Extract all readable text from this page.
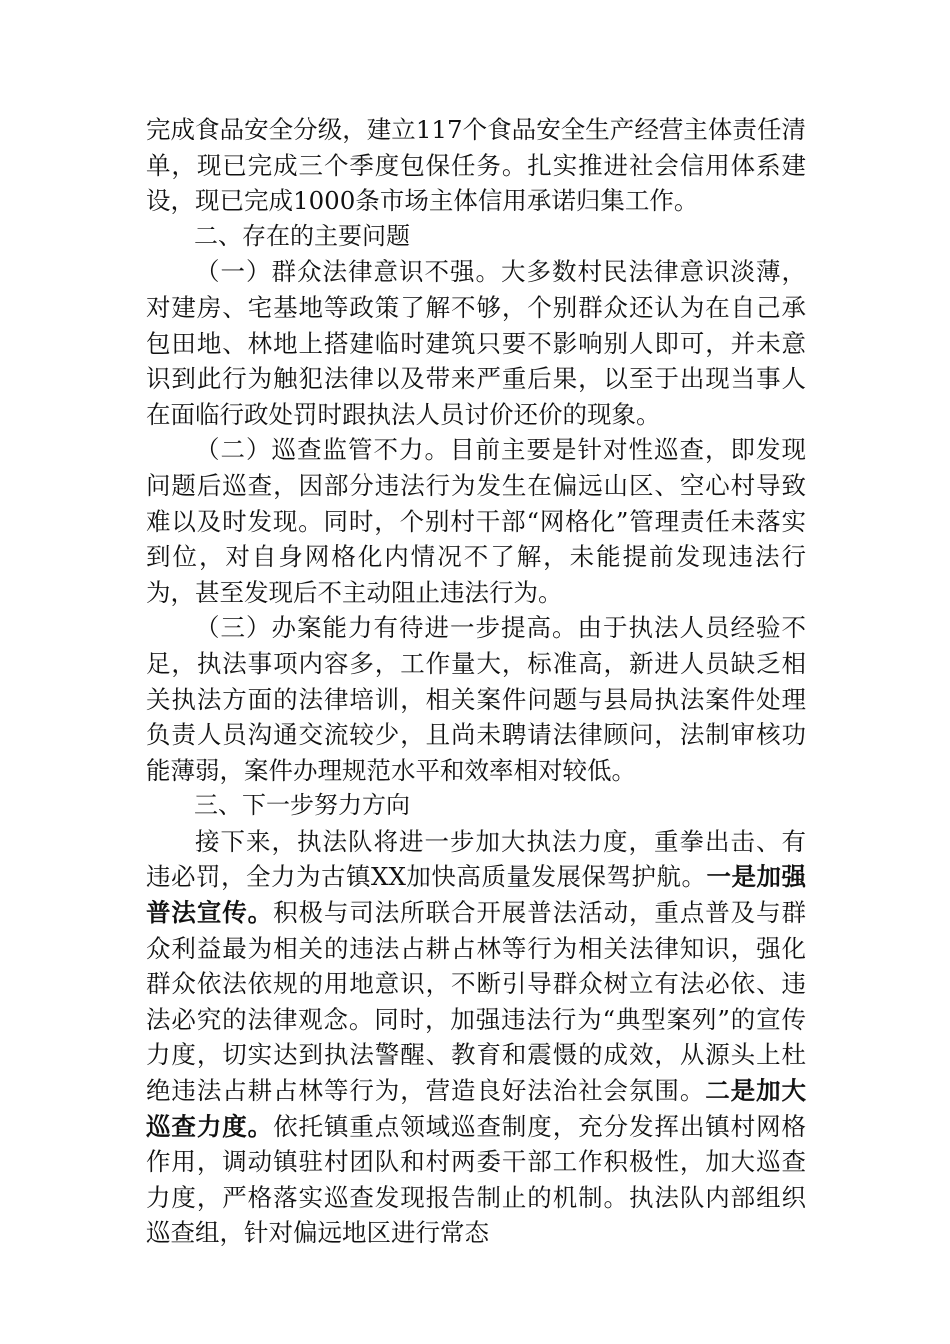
完成食品安全分级，建立117个食品安全生产经营主体责任清单，现已完成三个季度包保任务。扎实推进社会信用体系建设，现已完成1000条市场主体信用承诺归集工作。

二、存在的主要问题

（一）群众法律意识不强。大多数村民法律意识淡薄，对建房、宅基地等政策了解不够，个别群众还认为在自己承包田地、林地上搭建临时建筑只要不影响别人即可，并未意识到此行为触犯法律以及带来严重后果，以至于出现当事人在面临行政处罚时跟执法人员讨价还价的现象。

（二）巡查监管不力。目前主要是针对性巡查，即发现问题后巡查，因部分违法行为发生在偏远山区、空心村导致难以及时发现。同时，个别村干部“网格化”管理责任未落实到位，对自身网格化内情况不了解，未能提前发现违法行为，甚至发现后不主动阻止违法行为。

（三）办案能力有待进一步提高。由于执法人员经验不足，执法事项内容多，工作量大，标准高，新进人员缺乏相关执法方面的法律培训，相关案件问题与县局执法案件处理负责人员沟通交流较少，且尚未聘请法律顾问，法制审核功能薄弱，案件办理规范水平和效率相对较低。

三、下一步努力方向

接下来，执法队将进一步加大执法力度，重拳出击、有违必罚，全力为古镇XX加快高质量发展保驾护航。一是加强普法宣传。积极与司法所联合开展普法活动，重点普及与群众利益最为相关的违法占耕占林等行为相关法律知识，强化群众依法依规的用地意识，不断引导群众树立有法必依、违法必究的法律观念。同时，加强违法行为“典型案列”的宣传力度，切实达到执法警醒、教育和震慑的成效，从源头上杜绝违法占耕占林等行为，营造良好法治社会氛围。二是加大巡查力度。依托镇重点领域巡查制度，充分发挥出镇村网格作用，调动镇驻村团队和村两委干部工作积极性，加大巡查力度，严格落实巡查发现报告制止的机制。执法队内部组织巡查组，针对偏远地区进行常态
